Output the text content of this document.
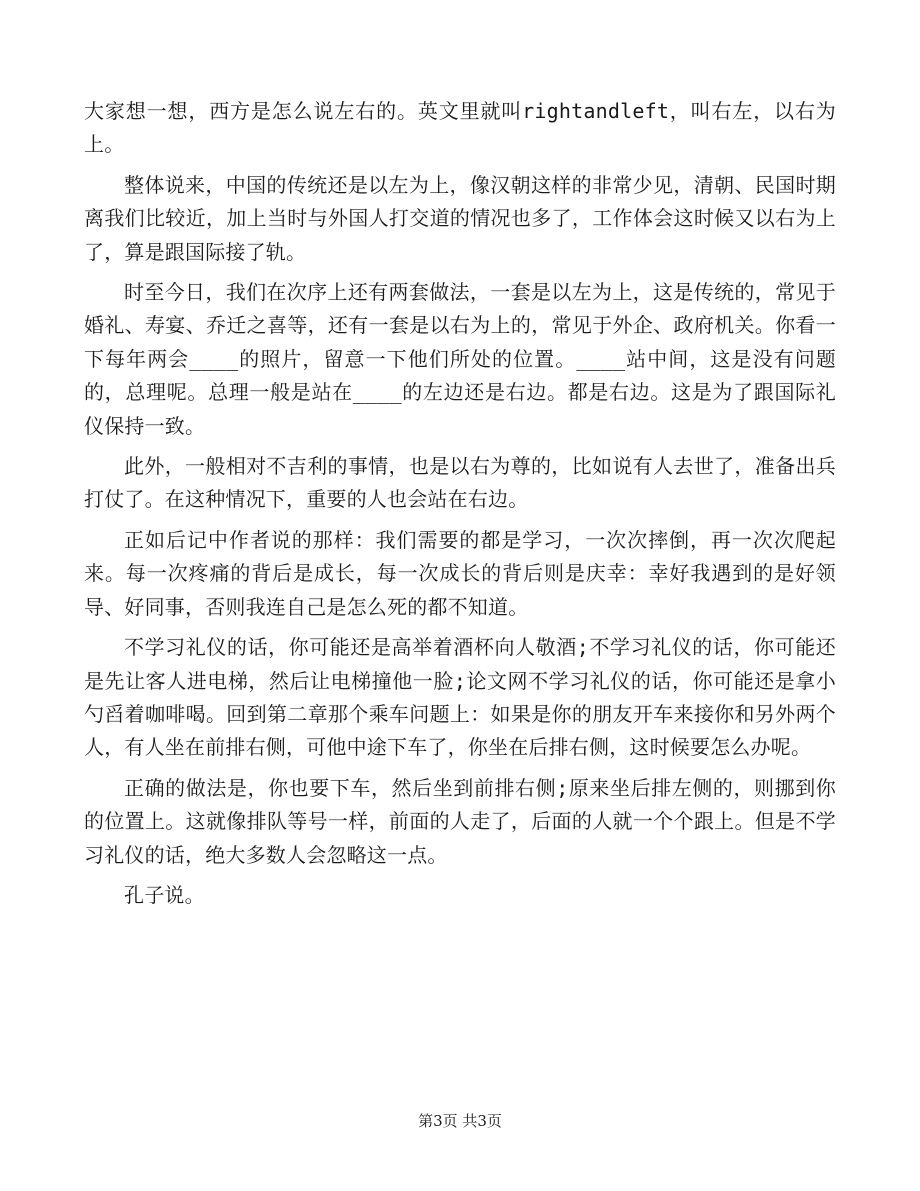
大家想一想，西方是怎么说左右的。英文里就叫rightandleft，叫右左，以右为上。

整体说来，中国的传统还是以左为上，像汉朝这样的非常少见，清朝、民国时期离我们比较近，加上当时与外国人打交道的情况也多了，工作体会这时候又以右为上了，算是跟国际接了轨。

时至今日，我们在次序上还有两套做法，一套是以左为上，这是传统的，常见于婚礼、寿宴、乔迁之喜等，还有一套是以右为上的，常见于外企、政府机关。你看一下每年两会____的照片，留意一下他们所处的位置。____站中间，这是没有问题的，总理呢。总理一般是站在____的左边还是右边。都是右边。这是为了跟国际礼仪保持一致。

此外，一般相对不吉利的事情，也是以右为尊的，比如说有人去世了，准备出兵打仗了。在这种情况下，重要的人也会站在右边。

正如后记中作者说的那样：我们需要的都是学习，一次次摔倒，再一次次爬起来。每一次疼痛的背后是成长，每一次成长的背后则是庆幸：幸好我遇到的是好领导、好同事，否则我连自己是怎么死的都不知道。

不学习礼仪的话，你可能还是高举着酒杯向人敬酒;不学习礼仪的话，你可能还是先让客人进电梯，然后让电梯撞他一脸;论文网不学习礼仪的话，你可能还是拿小勺舀着咖啡喝。回到第二章那个乘车问题上：如果是你的朋友开车来接你和另外两个人，有人坐在前排右侧，可他中途下车了，你坐在后排右侧，这时候要怎么办呢。

正确的做法是，你也要下车，然后坐到前排右侧;原来坐后排左侧的，则挪到你的位置上。这就像排队等号一样，前面的人走了，后面的人就一个个跟上。但是不学习礼仪的话，绝大多数人会忽略这一点。

孔子说。

第3页 共3页
